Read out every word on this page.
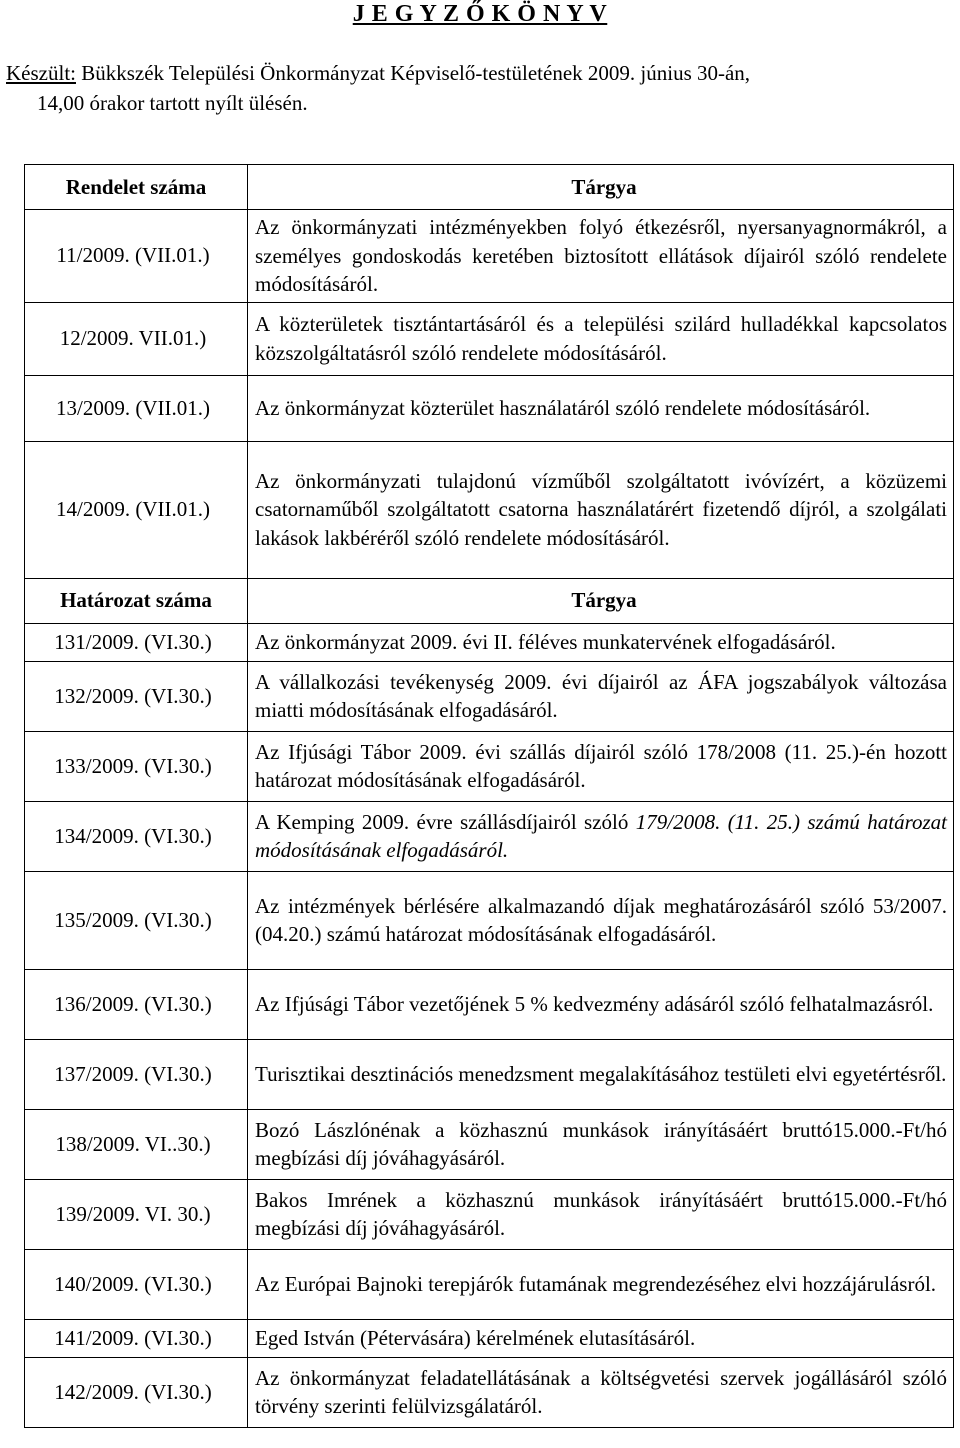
J E G Y Z Ő K Ö N Y V
Készült: Bükkszék Települési Önkormányzat Képviselő-testületének 2009. június 30-án,
14,00 órakor tartott nyílt ülésén.
Rendelet száma	Tárgya
11/2009. (VII.01.)	Az önkormányzati intézményekben folyó étkezésről, nyersanyagnormákról, a személyes gondoskodás keretében biztosított ellátások díjairól szóló rendelete módosításáról.
12/2009. VII.01.)	A közterületek tisztántartásáról és a települési szilárd hulladékkal kapcsolatos közszolgáltatásról szóló rendelete módosításáról.
13/2009. (VII.01.)	Az önkormányzat közterület használatáról szóló rendelete módosításáról.
14/2009. (VII.01.)	Az önkormányzati tulajdonú vízműből szolgáltatott ivóvízért, a közüzemi csatornaműből szolgáltatott csatorna használatárért fizetendő díjról, a szolgálati lakások lakbéréről szóló rendelete módosításáról.
Határozat száma	Tárgya
131/2009. (VI.30.)	Az önkormányzat 2009. évi II. féléves munkatervének elfogadásáról.
132/2009. (VI.30.)	A vállalkozási tevékenység 2009. évi díjairól az ÁFA jogszabályok változása miatti módosításának elfogadásáról.
133/2009. (VI.30.)	Az Ifjúsági Tábor 2009. évi szállás díjairól szóló 178/2008 (11. 25.)-én hozott határozat módosításának elfogadásáról.
134/2009. (VI.30.)	A Kemping 2009. évre szállásdíjairól szóló 179/2008. (11. 25.) számú határozat módosításának elfogadásáról.
135/2009. (VI.30.)	Az intézmények bérlésére alkalmazandó díjak meghatározásáról szóló 53/2007. (04.20.) számú határozat módosításának elfogadásáról.
136/2009. (VI.30.)	Az Ifjúsági Tábor vezetőjének 5 % kedvezmény adásáról szóló felhatalmazásról.
137/2009. (VI.30.)	Turisztikai desztinációs menedzsment megalakításához testületi elvi egyetértésről.
138/2009. VI..30.)	Bozó Lászlónénak a közhasznú munkások irányításáért bruttó15.000.-Ft/hó megbízási díj jóváhagyásáról.
139/2009. VI. 30.)	Bakos Imrének a közhasznú munkások irányításáért bruttó15.000.-Ft/hó megbízási díj jóváhagyásáról.
140/2009. (VI.30.)	Az Európai Bajnoki terepjárók futamának megrendezéséhez elvi hozzájárulásról.
141/2009. (VI.30.)	Eged István (Pétervására) kérelmének elutasításáról.
142/2009. (VI.30.)	Az önkormányzat feladatellátásának a költségvetési szervek jogállásáról szóló törvény szerinti felülvizsgálatáról.
